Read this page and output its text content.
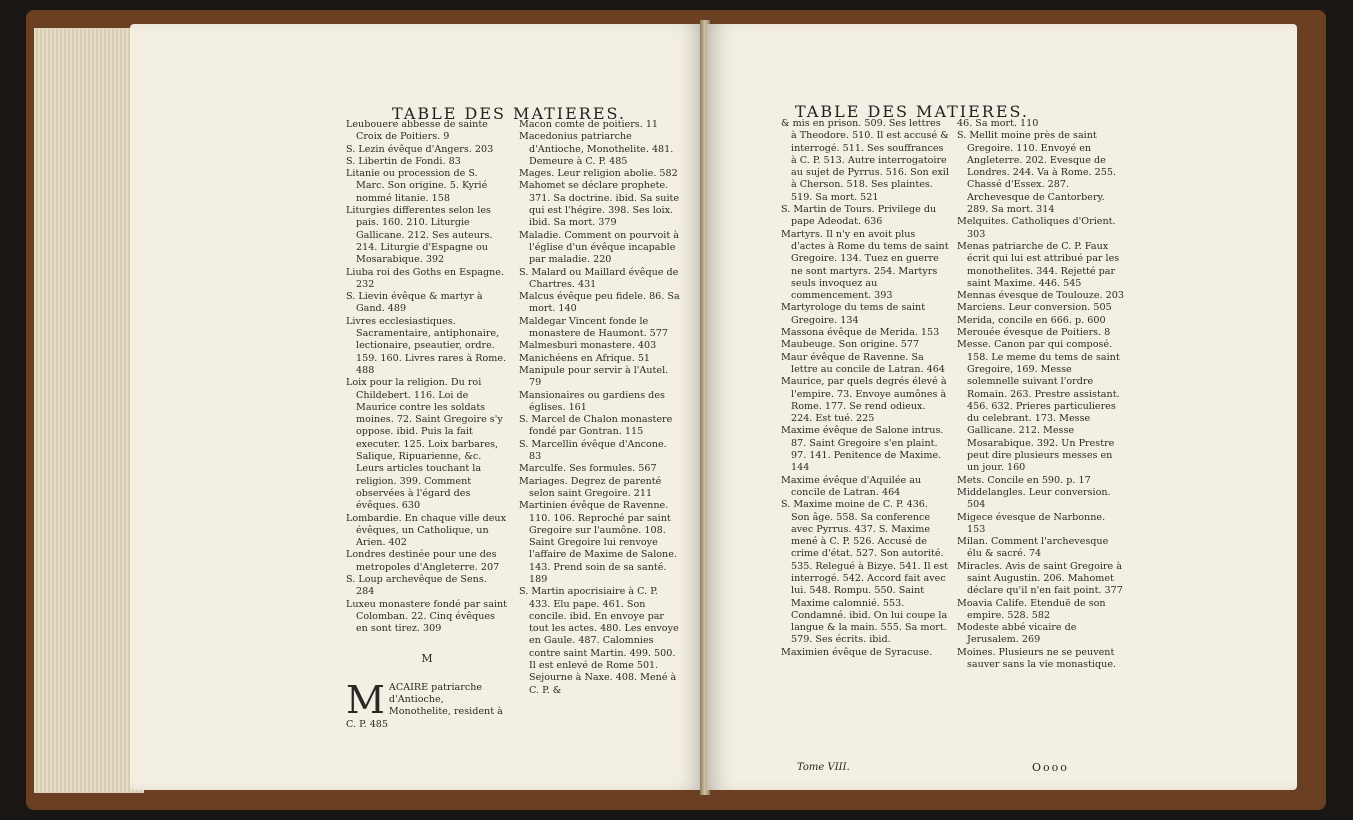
TABLE DES MATIERES.

Leubouere abbesse de sainte Croix de Poitiers. 9

S. Lezin évêque d'Angers. 203

S. Libertin de Fondi. 83

Litanie ou procession de S. Marc. Son origine. 5. Kyrié nommé litanie. 158

Liturgies differentes selon les pais. 160. 210. Liturgie Gallicane. 212. Ses auteurs. 214. Liturgie d'Espagne ou Mosarabique. 392

Liuba roi des Goths en Espagne. 232

S. Lievin évêque & martyr à Gand. 489

Livres ecclesiastiques. Sacramentaire, antiphonaire, lectionaire, pseautier, ordre. 159. 160. Livres rares à Rome. 488

Loix pour la religion. Du roi Childebert. 116. Loi de Maurice contre les soldats moines. 72. Saint Gregoire s'y oppose. ibid. Puis la fait executer. 125. Loix barbares, Salique, Ripuarienne, &c. Leurs articles touchant la religion. 399. Comment observées à l'égard des évêques. 630

Lombardie. En chaque ville deux évêques, un Catholique, un Arien. 402

Londres destinée pour une des metropoles d'Angleterre. 207

S. Loup archevêque de Sens. 284

Luxeu monastere fondé par saint Colomban. 22. Cinq évêques en sont tirez. 309

M
MACAIRE patriarche d'Antioche, Monothelite, resident à C. P. 485

Macon comte de poitiers. 11

Macedonius patriarche d'Antioche, Monothelite. 481. Demeure à C. P. 485

Mages. Leur religion abolie. 582

Mahomet se déclare prophete. 371. Sa doctrine. ibid. Sa suite qui est l'hégire. 398. Ses loix. ibid. Sa mort. 379

Maladie. Comment on pourvoit à l'église d'un évêque incapable par maladie. 220

S. Malard ou Maillard évêque de Chartres. 431

Malcus évêque peu fidele. 86. Sa mort. 140

Maldegar Vincent fonde le monastere de Haumont. 577

Malmesburi monastere. 403

Manichéens en Afrique. 51

Manipule pour servir à l'Autel. 79

Mansionaires ou gardiens des églises. 161

S. Marcel de Chalon monastere fondé par Gontran. 115

S. Marcellin évêque d'Ancone. 83

Marculfe. Ses formules. 567

Mariages. Degrez de parenté selon saint Gregoire. 211

Martinien évêque de Ravenne. 110. 106. Reproché par saint Gregoire sur l'aumône. 108. Saint Gregoire lui renvoye l'affaire de Maxime de Salone. 143. Prend soin de sa santé. 189

S. Martin apocrisiaire à C. P. 433. Elu pape. 461. Son concile. ibid. En envoye par tout les actes. 480. Les envoye en Gaule. 487. Calomnies contre saint Martin. 499. 500. Il est enlevé de Rome 501. Sejourne à Naxe. 408. Mené à C. P. &

TABLE DES MATIERES.

& mis en prison. 509. Ses lettres à Theodore. 510. Il est accusé & interrogé. 511. Ses souffrances à C. P. 513. Autre interrogatoire au sujet de Pyrrus. 516. Son exil à Cherson. 518. Ses plaintes. 519. Sa mort. 521

S. Martin de Tours. Privilege du pape Adeodat. 636

Martyrs. Il n'y en avoit plus d'actes à Rome du tems de saint Gregoire. 134. Tuez en guerre ne sont martyrs. 254. Martyrs seuls invoquez au commencement. 393

Martyrologe du tems de saint Gregoire. 134

Massona évêque de Merida. 153

Maubeuge. Son origine. 577

Maur évêque de Ravenne. Sa lettre au concile de Latran. 464

Maurice, par quels degrés élevé à l'empire. 73. Envoye aumônes à Rome. 177. Se rend odieux. 224. Est tué. 225

Maxime évêque de Salone intrus. 87. Saint Gregoire s'en plaint. 97. 141. Penitence de Maxime. 144

Maxime évêque d'Aquilée au concile de Latran. 464

S. Maxime moine de C. P. 436. Son âge. 558. Sa conference avec Pyrrus. 437. S. Maxime mené à C. P. 526. Accusé de crime d'état. 527. Son autorité. 535. Relegué à Bizye. 541. Il est interrogé. 542. Accord fait avec lui. 548. Rompu. 550. Saint Maxime calomnié. 553. Condamné. ibid. On lui coupe la langue & la main. 555. Sa mort. 579. Ses écrits. ibid.

Maximien évêque de Syracuse.

Tome VIII.

46. Sa mort. 110

S. Mellit moine près de saint Gregoire. 110. Envoyé en Angleterre. 202. Evesque de Londres. 244. Va à Rome. 255. Chassé d'Essex. 287. Archevesque de Cantorbery. 289. Sa mort. 314

Melquites. Catholiques d'Orient. 303

Menas patriarche de C. P. Faux écrit qui lui est attribué par les monothelites. 344. Rejetté par saint Maxime. 446. 545

Mennas évesque de Toulouze. 203

Marciens. Leur conversion. 505

Merida, concile en 666. p. 600

Merouée évesque de Poitiers. 8

Messe. Canon par qui composé. 158. Le meme du tems de saint Gregoire, 169. Messe solemnelle suivant l'ordre Romain. 263. Prestre assistant. 456. 632. Prieres particulieres du celebrant. 173. Messe Gallicane. 212. Messe Mosarabique. 392. Un Prestre peut dire plusieurs messes en un jour. 160

Mets. Concile en 590. p. 17

Middelangles. Leur conversion. 504

Migece évesque de Narbonne. 153

Milan. Comment l'archevesque élu & sacré. 74

Miracles. Avis de saint Gregoire à saint Augustin. 206. Mahomet déclare qu'il n'en fait point. 377

Moavia Calife. Etenduë de son empire. 528. 582

Modeste abbé vicaire de Jerusalem. 269

Moines. Plusieurs ne se peuvent sauver sans la vie monastique.

Oooo
